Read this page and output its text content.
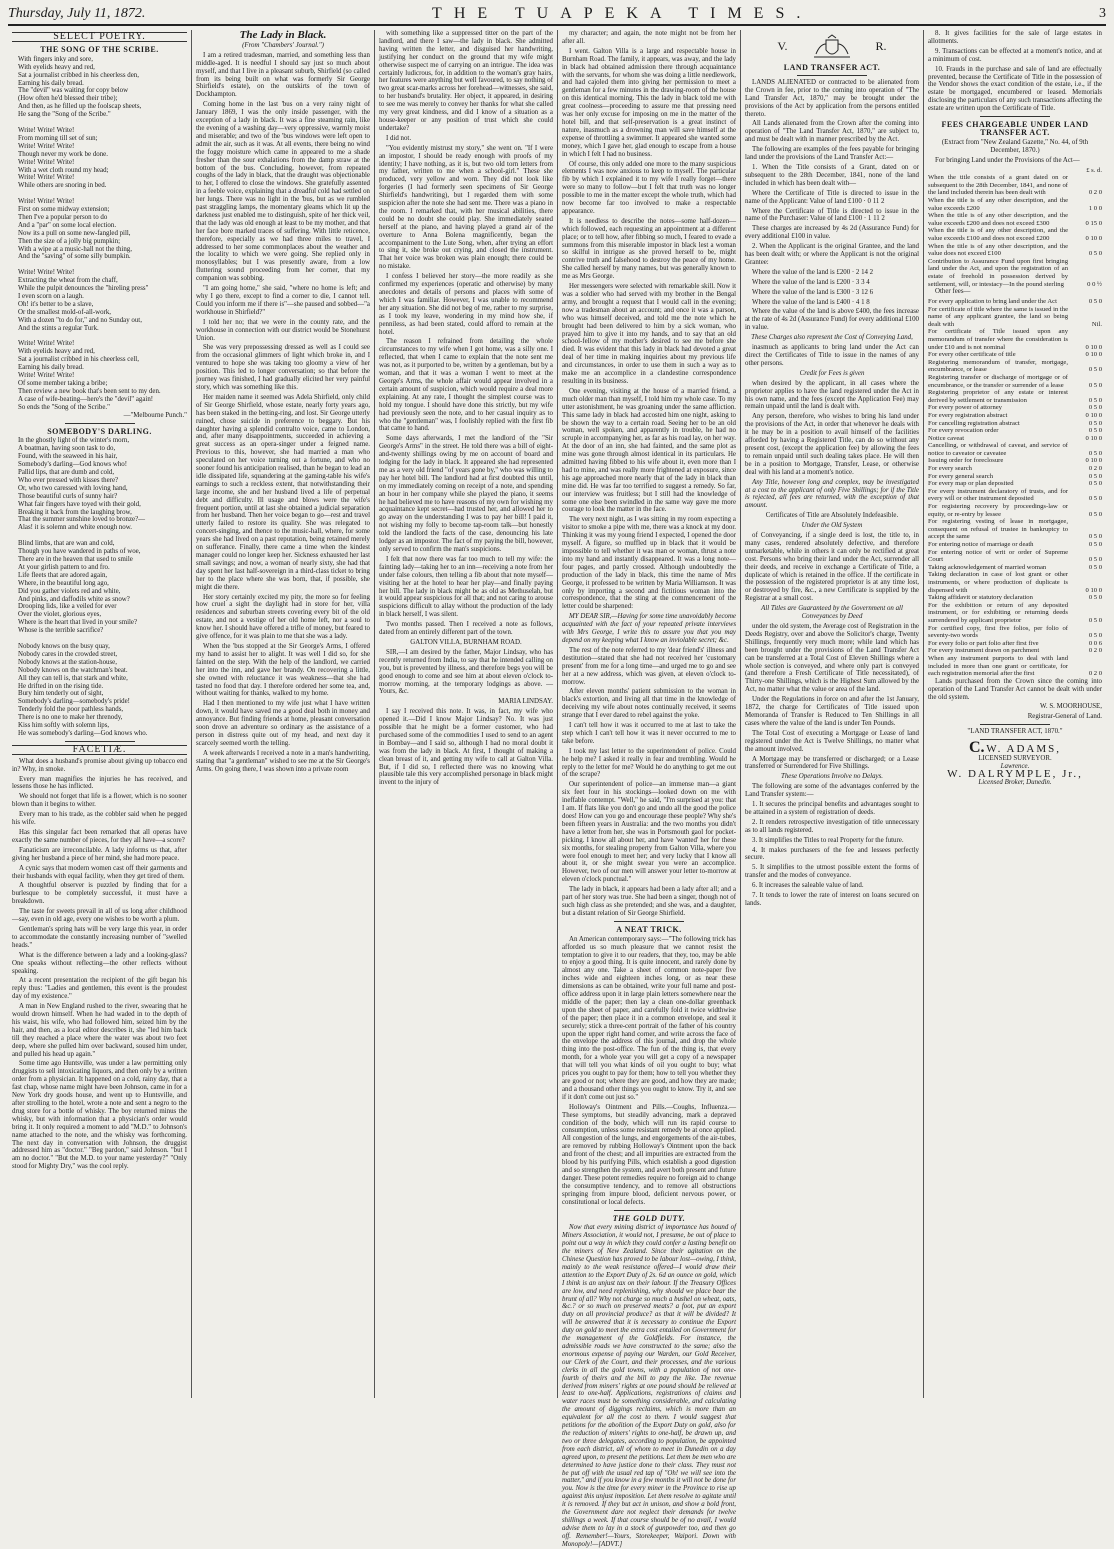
Thursday, July 11, 1872.	THE TUAPEKA TIMES.	3
SELECT POETRY.
THE SONG OF THE SCRIBE.
With fingers inky and sore,
With eyelids heavy and red,
Sat a journalist cribbed in his cheerless den,
Earning his daily bread.
The "devil" was waiting for copy below
(How often he'd blessed their tribe);
And then, as he filled up the foolscap sheets,
He sang the "Song of the Scribe."

Write! Write! Write!
From morning till set of sun;
Write! Write! Write!
Though never my work be done.
Write! Write! Write!
With a wet cloth round my head;
Write! Write! Write!
While others are snoring in bed.

Write! Write! Write!
First on some midway extension;
Then I've a popular person to do
And a "par" on some local election.
Now its a pull on some new-fangled pill,
Then the size of a jolly big pumpkin;
With a wipe at a music-hall not the thing,
And the "saving" of some silly bumpkin.

Write! Write! Write!
Extracting the wheat from the chaff,
While the pulpit denounces the "hireling press"
I even scorn on a laugh.
Oh! it's better to be a slave,
Or the smallest mold-of-all-work,
With a dozen "to do for," and no Sunday out,
And the stints a regular Turk.

Write! Write! Write!
With eyelids heavy and red,
Sat a journalist cribbed in his cheerless cell,
Earning his daily bread.
Write! Write! Write!
Of some member taking a bribe;
Then review a new book that's been sent to my den.
A case of wife-beating—here's the "devil" again!
So ends the "Song of the Scribe."
—"Melbourne Punch."
SOMEBODY'S DARLING.
In the ghostly light of the winter's morn,
A boatman, having soon task to do,
Found, with the seaweed in his hair,
Somebody's darling—God knows who!
Pallid lips, that are dumb and cold,
Who ever pressed with kisses there?
Or, who two caressed with loving hand,
Those beautiful curls of sunny hair?
What fair fingers have toyed with their gold,
Breaking it back from the laughing brow,
That the summer sunshine loved to bronze?—
Alas! it is solemn and white enough now.

Blind limbs, that are wan and cold,
Though you have wandered in paths of woe,
There are in the heaven that used to smile
At your girlish pattern to and fro.
Life fleets that are adored again,
Where, in the beautiful long ago,
Did you gather violets red and white,
And pinks, and daffodils white as snow?
Drooping lids, like a veiled for ever
Over the violet, glorious eyes,
Where is the heart that lived in your smile?
Whose is the terrible sacrifice?

Nobody knows on the busy quay,
Nobody cares in the crowded street,
Nobody knows at the station-house,
Nobody knows on the watchman's beat.
All they can tell is, that stark and white,
He drifted in on the rising tide.
Bury him tenderly out of sight,
Somebody's darling—somebody's pride!
Tenderly fold the poor pathless hands,
There is no one to make her threnody,
Kiss him softly with solemn lips,
He was somebody's darling—God knows who.
FACETIÆ.

What does a husband's promise about giving up tobacco end in? Why, in smoke.

Every man magnifies the injuries he has received, and lessens those he has inflicted.

We should not forget that life is a flower, which is no sooner blown than it begins to wither.

Every man to his trade, as the cobbler said when he pegged his wife.

Has this singular fact been remarked that all operas have exactly the same number of pieces, for they all have—a score?

Fanaticism are irreconcilable. A lady informs us that, after giving her husband a piece of her mind, she had more peace.

A cynic says that modern women cast off their garments and their husbands with equal facility, when they get tired of them.

A thoughtful observer is puzzled by finding that for a burlesque to be completely successful, it must have a breakdown.

The taste for sweets prevail in all of us long after childhood—say, even in old age, every one wishes to be worth a plum.

Gentleman's spring hats will be very large this year, in order to accommodate the constantly increasing number of "swelled heads."

What is the difference between a lady and a looking-glass? One speaks without reflecting—the other reflects without speaking.

At a recent presentation the recipient of the gift began his reply thus: "Ladies and gentlemen, this event is the proudest day of my existence."

A man in New England rushed to the river, swearing that he would drown himself. When he had waded in to the depth of his waist, his wife, who had followed him, seized him by the hair, and then, as a local editor describes it, she "led him back till they reached a place where the water was about two feet deep, where she pulled him over backward, soused him under, and pulled his head up again."

Some time ago Huntsville, was under a law permitting only druggists to sell intoxicating liquors, and then only by a written order from a physician. It happened on a cold, rainy day, that a fast chap, whose name might have been Johnson, came in for a New York dry goods house, and went up to Huntsville, and after strolling to the hotel, wrote a note and sent a negro to the drug store for a bottle of whisky. The boy returned minus the whisky, but with information that a physician's order would bring it. It only required a moment to add "M.D." to Johnson's name attached to the note, and the whisky was forthcoming. The next day in conversation with Johnson, the druggist addressed him as "doctor." "Beg pardon," said Johnson. "but I am no doctor." "But the M.D. to your name yesterday?" "Only stood for Mighty Dry," was the cool reply.

The Lady in Black.
(From "Chambers' Journal.")

I am a retired tradesman, married, and something less than middle-aged. It is needful I should say just so much about myself, and that I live in a pleasant suburb, Shirfield (so called from its being built on what was formerly Sir George Shirfield's estate), on the outskirts of the town of Dockhampton.

Coming home in the last 'bus on a very rainy night of January 1869, I was the only inside passenger, with the exception of a lady in black. It was a fine steaming rain, like the evening of a washing day—very oppressive, warmly moist and miserable; and two of the 'bus windows were left open to admit the air, such as it was. At all events, there being no wind the foggy moisture which came in appeared to me a shade fresher than the sour exhalations from the damp straw at the bottom of the bus. Concluding, however, from repeated coughs of the lady in black, that the draught was objectionable to her, I offered to close the windows. She gratefully assented in a feeble voice, explaining that a dreadful cold had settled on her lungs. There was no light in the 'bus, but as we rumbled past straggling lamps, the momentary gleams which lit up the darkness just enabled me to distinguish, spite of her thick veil, that the lady was old enough at least to be my mother, and that her face bore marked traces of suffering. With little reticence, therefore, especially as we had three miles to travel, I addressed to her some commonplaces about the weather and the locality to which we were going. She replied only in monosyllables; but I was presently aware, from a low fluttering sound proceeding from her corner, that my companion was sobbing.

"I am going home," she said, "where no home is left; and why I go there, except to find a corner to die, I cannot tell. Could you inform me if there is"—she paused and sobbed—"a workhouse in Shirfield?"

I told her no; that we were in the county rate, and the workhouse in connection with our district would be Stonehurst Union.

She was very prepossessing dressed as well as I could see from the occasional glimmers of light which broke in, and I ventured to hope she was taking too gloomy a view of her position. This led to longer conversation; so that before the journey was finished, I had gradually elicited her very painful story, which was something like this.

Her maiden name it seemed was Adela Shirfield, only child of Sir George Shirfield, whose estate, nearly forty years ago, has been staked in the betting-ring, and lost. Sir George utterly ruined, chose suicide in preference to beggary. But his daughter having a splendid contralto voice, came to London, and, after many disappointments, succeeded in achieving a great success as an opera-singer under a feigned name. Previous to this, however, she had married a man who speculated on her voice turning out a fortune, and who no sooner found his anticipation realised, than he began to lead an idle dissipated life, squandering at the gaming-table his wife's earnings to such a reckless extent, that notwithstanding their large income, she and her husband lived a life of perpetual debt and difficulty. Ill usage and blows were the wife's frequent portion, until at last she obtained a judicial separation from her husband. Then her voice began to go—rest and travel utterly failed to restore its quality. She was relegated to concert-singing, and thence to the music-hall, where, for some years she had lived on a past reputation, being retained merely on sufferance. Finally, there came a time when the kindest manager could no longer keep her. Sickness exhausted her last small savings; and now, a woman of nearly sixty, she had that day spent her last half-sovereign in a third-class ticket to bring her to the place where she was born, that, if possible, she might die there.

Her story certainly excited my pity, the more so for feeling how cruel a sight the daylight had in store for her, villa residences and suburban streets covering every bit of the old estate, and not a vestige of her old home left, nor a soul to know her. I should have offered a trifle of money, but feared to give offence, for it was plain to me that she was a lady.

When the 'bus stopped at the Sir George's Arms, I offered my hand to assist her to alight. It was well I did so, for she fainted on the step. With the help of the landlord, we carried her into the inn, and gave her brandy. On recovering a little, she owned with reluctance it was weakness—that she had tasted no food that day. I therefore ordered her some tea, and, without waiting for thanks, walked to my home.

Had I then mentioned to my wife just what I have written down, it would have saved me a good deal both in money and annoyance. But finding friends at home, pleasant conversation soon drove an adventure so ordinary as the assistance of a person in distress quite out of my head, and next day it scarcely seemed worth the telling.

A week afterwards I received a note in a man's handwriting, stating that "a gentleman" wished to see me at the Sir George's Arms. On going there, I was shown into a private room

with something like a suppressed titter on the part of the landlord, and there I saw—the lady in black. She admitted having written the letter, and disguised her handwriting, justifying her conduct on the ground that my wife might otherwise suspect me of carrying on an intrigue. The idea was certainly ludicrous, for, in addition to the woman's gray hairs, her features were anything but well favoured, to say nothing of two great scar-marks across her forehead—witnesses, she said, to her husband's brutality. Her object, it appeared, in desiring to see me was merely to convey her thanks for what she called my very great kindness, and did I know of a situation as a house-keeper or any position of trust which she could undertake?

I did not.

"You evidently mistrust my story," she went on. "If I were an impostor, I should be ready enough with proofs of my identity; I have nothing, as it is, but two old torn letters from my father, written to me when a school-girl." These she produced, very yellow and worn. They did not look like forgeries (I had formerly seen specimens of Sir George Shirfield's handwriting), but I regarded them with some suspicion after the note she had sent me. There was a piano in the room. I remarked that, with her musical abilities, there could be no doubt she could play. She immediately seated herself at the piano, and having played a grand air of the overture to Anna Bolena magnificently, began the accompaniment to the Lute Song, when, after trying an effort to sing it, she broke out crying, and closed the instrument. That her voice was broken was plain enough; there could be no mistake.

I confess I believed her story—the more readily as she confirmed my experiences (operatic and otherwise) by many anecdotes and details of persons and places with some of which I was familiar. However, I was unable to recommend her any situation. She did not beg of me, rather to my surprise, as I took my leave, wondering in my mind how she, if penniless, as had been stated, could afford to remain at the hotel.

The reason I refrained from detailing the whole circumstances to my wife when I got home, was a silly one. I reflected, that when I came to explain that the note sent me was not, as it purported to be, written by a gentleman, but by a woman, and that it was a woman I went to meet at the George's Arms, the whole affair would appear involved in a certain amount of suspicion, which would require a deal more explaining. At any rate, I thought the simplest course was to hold my tongue. I should have done this strictly, but my wife had previously seen the note, and to her casual inquiry as to who the "gentleman" was, I foolishly replied with the first fib that came to hand.

Some days afterwards, I met the landlord of the "Sir George's Arms" in the street. He told there was a bill of eight-and-twenty shillings owing by me on account of board and lodging for the lady in black. It appeared she had represented me as a very old friend "of years gone by," who was willing to pay her hotel bill. The landlord had at first doubted this until, on my immediately coming on receipt of a note, and spending an hour in her company while she played the piano, it seems he had believed me to have reasons of my own for wishing my acquaintance kept secret—had trusted her, and allowed her to go away on the understanding I was to pay her bill! I paid it, not wishing my folly to become tap-room talk—but honestly told the landlord the facts of the case, denouncing his late lodger as an impostor. The fact of my paying the bill, however, only served to confirm the man's suspicions.

I felt that now there was far too much to tell my wife: the fainting lady—taking her to an inn—receiving a note from her under false colours, then telling a fib about that note myself—visiting her at the hotel to hear her play—and finally paying her bill. The lady in black might be as old as Methuselah, but it would appear suspicious for all that; and not caring to arouse suspicions difficult to allay without the production of the lady in black herself, I was silent.

Two months passed. Then I received a note as follows, dated from an entirely different part of the town.

GALTON VILLA, BURNHAM ROAD.

SIR,—I am desired by the father, Major Lindsay, who has recently returned from India, to say that he intended calling on you, but is prevented by illness, and therefore begs you will be good enough to come and see him at about eleven o'clock to-morrow morning, at the temporary lodgings as above. —Yours, &c.

MARIA LINDSAY.

I say I received this note. It was, in fact, my wife who opened it.—Did I know Major Lindsay? No. It was just possible that he might be a former customer, who had purchased some of the commodities I used to send to an agent in Bombay—and I said so, although I had no moral doubt it was from the lady in black. At first, I thought of making a clean breast of it, and getting my wife to call at Galton Villa. But, if I did so, I reflected there was no knowing what plausible tale this very accomplished personage in black might invent to the injury of

my character; and again, the note might not be from her after all.

I went. Galton Villa is a large and respectable house in Burnham Road. The family, it appears, was away, and the lady in black had obtained admission there through acquaintance with the servants, for whom she was doing a little needlework, and had cajoled them into giving her permission to meet a gentleman for a few minutes in the drawing-room of the house on this identical morning. This the lady in black told me with great coolness—proceeding to assure me that pressing need was her only excuse for imposing on me in the matter of the hotel bill, and that self-preservation is a great instinct of nature, inasmuch as a drowning man will save himself at the expense of throttling a swimmer. It appeared she wanted some money, which I gave her, glad enough to escape from a house in which I felt I had no business.

Of course, this only added one more to the many suspicious elements I was now anxious to keep to myself. The particular fib by which I explained it to my wife I really forget—there were so many to follow—but I felt that truth was no longer possible to me in the matter except the whole truth, which had now become far too involved to make a respectable appearance.

It is needless to describe the notes—some half-dozen—which followed, each requesting an appointment at a different place; or to tell how, after fibbing so much, I feared to evade a summons from this miserable impostor in black lest a woman so skilful in intrigue as she proved herself to be, might contrive truth and falsehood to destroy the peace of my home. She called herself by many names, but was generally known to me as Mrs George.

Her messengers were selected with remarkable skill. Now it was a soldier who had served with my brother in the Bengal army, and brought a request that I would call in the evening; now a tradesman about an account; and once it was a parson, who was himself deceived, and told me the note which he brought had been delivered to him by a sick woman, who prayed him to give it into my hands, and to say that an old school-fellow of my mother's desired to see me before she died. It was evident that this lady in black had devoted a great deal of her time in making inquiries about my previous life and circumstances, in order to use them in such a way as to make me an accomplice in a clandestine correspondence resulting in its business.

One evening, visiting at the house of a married friend, a much older man than myself, I told him my whole case. To my utter astonishment, he was groaning under the same affliction. This same lady in black had accosted him one night, asking to be shown the way to a certain road. Seeing her to be an old woman, well spoken, and apparently in trouble, he had no scruple in accompanying her, as far as his road lay, on her way. At the door of an inn, she had fainted, and the same plot as mine was gone through almost identical in its particulars. He admitted having fibbed to his wife about it, even more than I had to mine, and was really more frightened at exposure, since his age approached more nearly that of the lady in black than mine did. He was far too terrified to suggest a remedy. So far, our interview was fruitless; but I still had the knowledge of some one else been swindled in the same way gave me more courage to look the matter in the face.

The very next night, as I was sitting in my room expecting a visitor to smoke a pipe with me, there was a knock at my door. Thinking it was my young friend I expected, I opened the door myself. A figure, so muffled up in black that it would be impossible to tell whether it was man or woman, thrust a note into my hand and instantly disappeared. It was a long note—four pages, and partly crossed. Although undoubtedly the production of the lady in black, this time the name of Mrs George, it professed to be written by Maria Williamson. It was only by importing a second and fictitious woman into the correspondence, that the sting at the commencement of the letter could be sharpened:

MY DEAR SIR,—Having for some time unavoidably become acquainted with the fact of your repeated private interviews with Mrs George, I write this to assure you that you may depend on my keeping what I know an inviolable secret; &c.

The rest of the note referred to my 'dear friend's' illness and destitution—stated that she had not received her 'customary present' from me for a long time—and urged me to go and see her at a new address, which was given, at eleven o'clock to-morrow.

After eleven months' patient submission to the woman in black's extortion, and living all that time in the knowledge of deceiving my wife about notes continually received, it seems strange that I ever dared to rebel against the yoke.

I can't tell how it was it occurred to me at last to take the step which I can't tell how it was it never occurred to me to take before.

I took my last letter to the superintendent of police. Could he help me? I asked it really in fear and trembling. Would he reply to the letter for me? Would he do anything to get me out of the scrape?

Our superintendent of police—an immense man—a giant six feet four in his stockings—looked down on me with ineffable contempt. "Well," he said, "I'm surprised at you: that I am. If flats like you don't go and undo all the good the police does! How can you go and encourage these people? Why she's been fifteen years in Australia: and the two months you didn't have a letter from her, she was in Portsmouth gaol for pocket-picking. I know all about her, and have 'wanted' her for these six months, for stealing property from Galton Villa, where you were fool enough to meet her; and very lucky that I know all about it, or she might swear you were an accomplice. However, two of our men will answer your letter to-morrow at eleven o'clock punctual."

The lady in black, it appears had been a lady after all; and a part of her story was true. She had been a singer, though not of such high class as she pretended; and she was, and a daughter, but a distant relation of Sir George Shirfield.

A NEAT TRICK.

An American contemporary says:—"The following trick has afforded us so much pleasure that we cannot resist the temptation to give it to our readers, that they, too, may be able to enjoy a good thing. It is quite innocent, and rarely done by almost any one. Take a sheet of common note-paper five inches wide and eighteen inches long, or as near these dimensions as can be obtained, write your full name and post-office address upon it in large plain letters somewhere near the middle of the paper; then lay a clean one-dollar greenback upon the sheet of paper, and carefully fold it twice widthwise of the paper; then place it in a common envelope, and seal it securely; stick a three-cent portrait of the father of his country upon the upper right hand corner, and write across the face of the envelope the address of this journal, and drop the whole thing into the post-office. The fun of the thing is, that every month, for a whole year you will get a copy of a newspaper that will tell you what kinds of oil you ought to buy; what prices you ought to pay for them; how to tell you whether they are good or not; where they are good, and how they are made; and a thousand other things you ought to know. Try it, and see if it don't come out just so."

Holloway's Ointment and Pills.—Coughs, Influenza.—These symptoms, but steadily advancing, mark a depraved condition of the body, which will run its rapid course to consumption, unless some resistant remedy be at once applied. All congestion of the lungs, and engorgements of the air-tubes, are removed by rubbing Holloway's Ointment upon the back and front of the chest; and all impurities are extracted from the blood by his purifying Pills, which establish a good digestion and so strengthen the system, and avert both present and future danger. These potent remedies require no foreign aid to change the consumptive tendency, and to remove all obstructions springing from impure blood, deficient nervous power, or constitutional or local defects.

THE GOLD DUTY.

Now that every mining district of importance has bound of Miners Association, it would not, I presume, be out of place to point out a way in which they could confer a lasting benefit on the miners of New Zealand. Since their agitation on the Chinese Question has proved to be labour lost—owing, I think, mainly to the weak resistance offered—I would draw their attention to the Export Duty of 2s. 6d an ounce on gold, which I think is an unjust tax on their labour. If the Treasury Offices are low, and need replenishing, why should we place bear the brunt of all? Why not charge so much a bushel on wheat, oats, &c.? or so much on preserved meats? a foot, put an export duty on all provincial produce? as that it will be divided? It will be answered that it is necessary to continue the Export duty on gold to meet the extra cost entailed on Government for the management of the Goldfields. For instance, the admissible roads we have constructed to the same; also the enormous expense of paying our Warden, our Gold Receiver, our Clerk of the Court, and their processes, and the various clerks in all the gold towns, with a population of not one-fourth of theirs and the bill to pay the like. The revenue derived from miners' rights at one pound should be relieved at least to one-half. Applications, registrations of claims and water races must be something considerable, and calculating the amount of diggings reclaims, which is more than an equivalent for all the cost to them. I would suggest that petitions for the abolition of the Export Duty on gold, also for the reduction of miners' rights to one-half, be drawn up, and two or three delegates, according to population, be appointed from each district, all of whom to meet in Dunedin on a day agreed upon, to present the petitions. Let them be men who are determined to have justice done to their class. They must not be put off with the usual red tap of "Oh! we will see into the matter," and if you know in a few months it will not be done for you. Now is the time for every miner in the Province to rise up against this unjust imposition. Let them resolve to agitate until it is removed. If they but act in unison, and show a bold front, the Government dare not neglect their demands for twelve shillings a week. If that course should be of no avail, I would advise them to lay in a stock of gunpowder too, and then go off. Remember!—Yours, Storekeeper, Waipori. Down with Monopoly!—[ADVT.]

V.	R.
LAND TRANSFER ACT.

LANDS ALIENATED or contracted to be alienated from the Crown in fee, prior to the coming into operation of "The Land Transfer Act, 1870," may be brought under the provisions of the Act by application from the persons entitled thereto.

All Lands alienated from the Crown after the coming into operation of "The Land Transfer Act, 1870," are subject to, and must be dealt with in manner prescribed by the Act.

The following are examples of the fees payable for bringing land under the provisions of the Land Transfer Act:—

1. When the Title consists of a Grant, dated on or subsequent to the 28th December, 1841, none of the land included in which has been dealt with—

Where the Certificate of Title is directed to issue in the name of the Applicant: Value of land £100 · 0 11 2

Where the Certificate of Title is directed to issue in the name of the Purchaser: Value of land £100 · 1 11 2

These charges are increased by 4s 2d (Assurance Fund) for every additional £100 in value.

2. When the Applicant is the original Grantee, and the land has been dealt with; or where the Applicant is not the original Grantee:

Where the value of the land is £200 · 2 14 2

Where the value of the land is £200 · 3 3 4

Where the value of the land is £300 · 3 12 6

Where the value of the land is £400 · 4 1 8

Where the value of the land is above £400, the fees increase at the rate of 4s 2d (Assurance Fund) for every additional £100 in value.

These Charges also represent the Cost of Conveying Land,

inasmuch as applicants to bring land under the Act can direct the Certificates of Title to issue in the names of any other persons.

Credit for Fees is given

when desired by the applicant, in all cases where the proprietor applies to have the land registered under the Act in his own name, and the fees (except the Application Fee) may remain unpaid until the land is dealt with.

Any person, therefore, who wishes to bring his land under the provisions of the Act, in order that whenever he deals with it he may be in a position to avail himself of the facilities afforded by having a Registered Title, can do so without any present cost, (except the application fee) by allowing the fees to remain unpaid until such dealing takes place. He will then be in a position to Mortgage, Transfer, Lease, or otherwise deal with his land at a moment's notice.

Any Title, however long and complex, may be investigated at a cost to the applicant of only Five Shillings; for if the Title is rejected, all fees are returned, with the exception of that amount.

Certificates of Title are Absolutely Indefeasible.

Under the Old System

of Conveyancing, if a single deed is lost, the title to, in many cases, rendered absolutely defective, and therefore unmarketable, while in others it can only be rectified at great cost. Persons who bring their land under the Act, surrender all their deeds, and receive in exchange a Certificate of Title, a duplicate of which is retained in the office. If the certificate in the possession of the registered proprietor is at any time lost, or destroyed by fire, &c., a new Certificate is supplied by the Registrar at a small cost.

All Titles are Guaranteed by the Government on all Conveyances by Deed

under the old system, the Average cost of Registration in the Deeds Registry, over and above the Solicitor's charge, Twenty Shillings, frequently very much more; while land which has been brought under the provisions of the Land Transfer Act can be transferred at a Total Cost of Eleven Shillings where a whole section is conveyed, and where only part is conveyed (and therefore a Fresh Certificate of Title necessitated), of Thirty-one Shillings, which is the Highest Sum allowed by the Act, no matter what the value or area of the land.

Under the Regulations in force on and after the 1st January, 1872, the charge for Certificates of Title issued upon Memoranda of Transfer is Reduced to Ten Shillings in all cases where the value of the land is under Ten Pounds.

The Total Cost of executing a Mortgage or Lease of land registered under the Act is Twelve Shillings, no matter what the amount involved.

A Mortgage may be transferred or discharged; or a Lease transferred or Surrendered for Five Shillings.

These Operations Involve no Delays.

The following are some of the advantages conferred by the Land Transfer system:—

1. It secures the principal benefits and advantages sought to be attained in a system of registration of deeds.

2. It renders retrospective investigation of title unnecessary as to all lands registered.

3. It simplifies the Titles to real Property for the future.

4. It makes purchasers of the fee and lessees perfectly secure.

5. It simplifies to the utmost possible extent the forms of transfer and the modes of conveyance.

6. It increases the saleable value of land.

7. It tends to lower the rate of interest on loans secured on lands.

8. It gives facilities for the sale of large estates in allotments.

9. Transactions can be effected at a moment's notice, and at a minimum of cost.

10. Frauds in the purchase and sale of land are effectually prevented, because the Certificate of Title in the possession of the Vendor shows the exact condition of the estate, i.e., if the estate be mortgaged, encumbered or leased. Memorials disclosing the particulars of any such transactions affecting the estate are written upon the Certificate of Title.

FEES CHARGEABLE UNDER LAND TRANSFER ACT.

(Extract from "New Zealand Gazette," No. 44, of 9th December, 1870.)

For bringing Land under the Provisions of the Act—

	£ s. d.
When the title consists of a grant dated on or subsequent to the 28th December, 1841, and none of the land included therein has been dealt with	0 2 0
When the title is of any other description, and the value exceeds £200	1 0 0
When the title is of any other description, and the value exceeds £200 and does not exceed £300	0 15 0
When the title is of any other description, and the value exceeds £100 and does not exceed £200	0 10 0
When the title is of any other description, and the value does not exceed £100	0 5 0
Contribution to Assurance Fund upon first bringing land under the Act, and upon the registration of an estate of freehold in possession derived by settlement, will, or intestacy—In the pound sterling	0 0 ½

Other fees—

For every application to bring land under the Act	0 5 0
For certificate of title where the same is issued in the name of any applicant grantee, the land so being dealt with	Nil.
For certificate of Title issued upon any memorandum of transfer where the consideration is under £10 and is not nominal	0 10 0
For every other certificate of title	0 10 0
Registering memorandum of transfer, mortgage, encumbrance, or lease	0 5 0
Registering transfer or discharge of mortgage or of encumbrance, or the transfer or surrender of a lease	0 5 0
Registering proprietor of any estate or interest derived by settlement or transmission	0 5 0
For every power of attorney	0 5 0
For every registration abstract	0 10 0
For cancelling registration abstract	0 5 0
For every revocation order	0 5 0
Notice caveat	0 10 0
Cancelling, or withdrawal of caveat, and service of notice to caveator or caveatee	0 5 0
Issuing order for foreclosure	0 10 0
For every search	0 2 0
For every general search	0 5 0
For every map or plan deposited	0 5 0
For every instrument declaratory of trusts, and for every will or other instrument deposited	0 5 0
For registering recovery by proceedings-law or equity, or re-entry by lessee	0 5 0
For registering vesting of lease in mortgagee, consequent on refusal of trustee in bankruptcy to accept the same	0 5 0
For entering notice of marriage or death	0 5 0
For entering notice of writ or order of Supreme Court	0 5 0
Taking acknowledgement of married woman	0 5 0
Taking declaration in case of lost grant or other instruments, or where production of duplicate is dispensed with	0 10 0
Taking affidavit or statutory declaration	0 5 0
For the exhibition or return of any deposited instrument, or for exhibiting or returning deeds surrendered by applicant proprietor	0 5 0
For certified copy, first five folios, per folio of seventy-two words	0 5 0
For every folio or part folio after first five	0 0 6
For every instrument drawn on parchment	0 2 0
When any instrument purports to deal with land included in more than one grant or certificate, for each registration memorial after the first	0 2 0

Lands purchased from the Crown since the coming into operation of the Land Transfer Act cannot be dealt with under the old system.

W. S. MOORHOUSE,

Registrar-General of Land.

"LAND TRANSFER ACT, 1870."

C. W. ADAMS,
LICENSED SURVEYOR.
Lawrence.
W. DALRYMPLE, Jr.,
Licensed Broker, Dunedin.
